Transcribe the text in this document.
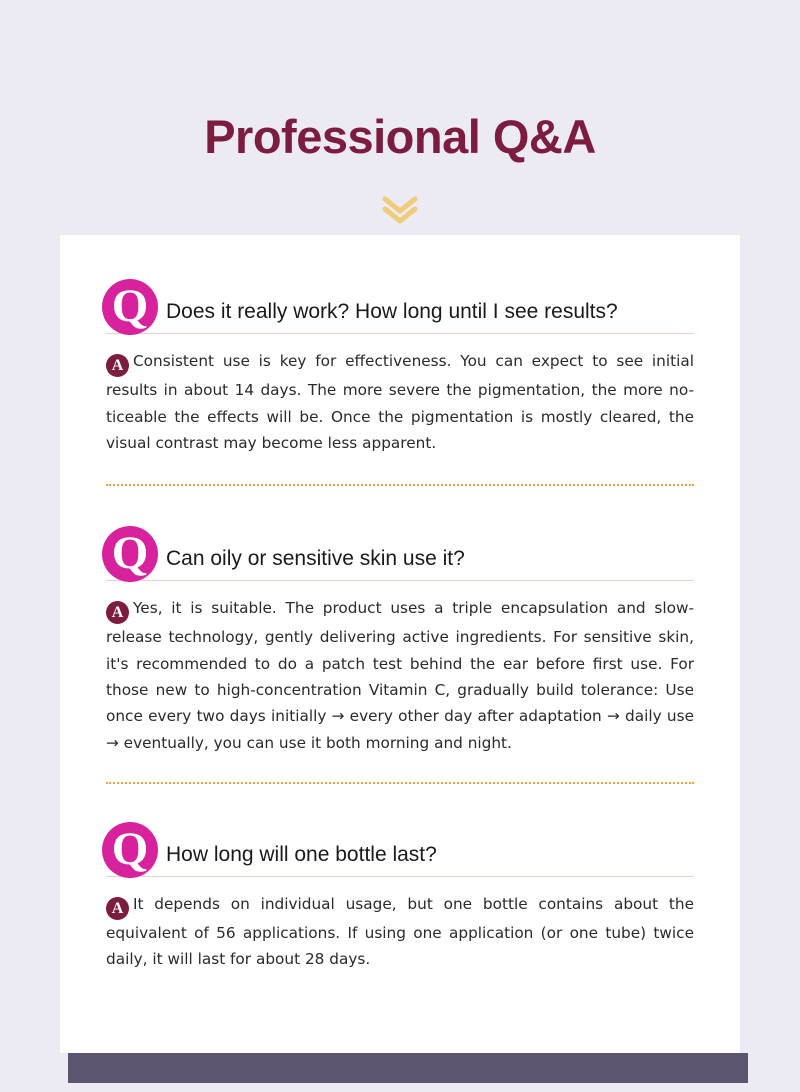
Professional Q&A
Q Does it really work? How long until I see results?
A Consistent use is key for effectiveness. You can expect to see initial results in about 14 days. The more severe the pigmentation, the more no-ticeable the effects will be. Once the pigmentation is mostly cleared, the visual contrast may become less apparent.
Q Can oily or sensitive skin use it?
A Yes, it is suitable. The product uses a triple encapsulation and slow-release technology, gently delivering active ingredients. For sensitive skin, it's recommended to do a patch test behind the ear before first use. For those new to high-concentration Vitamin C, gradually build tolerance: Use once every two days initially → every other day after adaptation → daily use → eventually, you can use it both morning and night.
Q How long will one bottle last?
A It depends on individual usage, but one bottle contains about the equivalent of 56 applications. If using one application (or one tube) twice daily, it will last for about 28 days.
